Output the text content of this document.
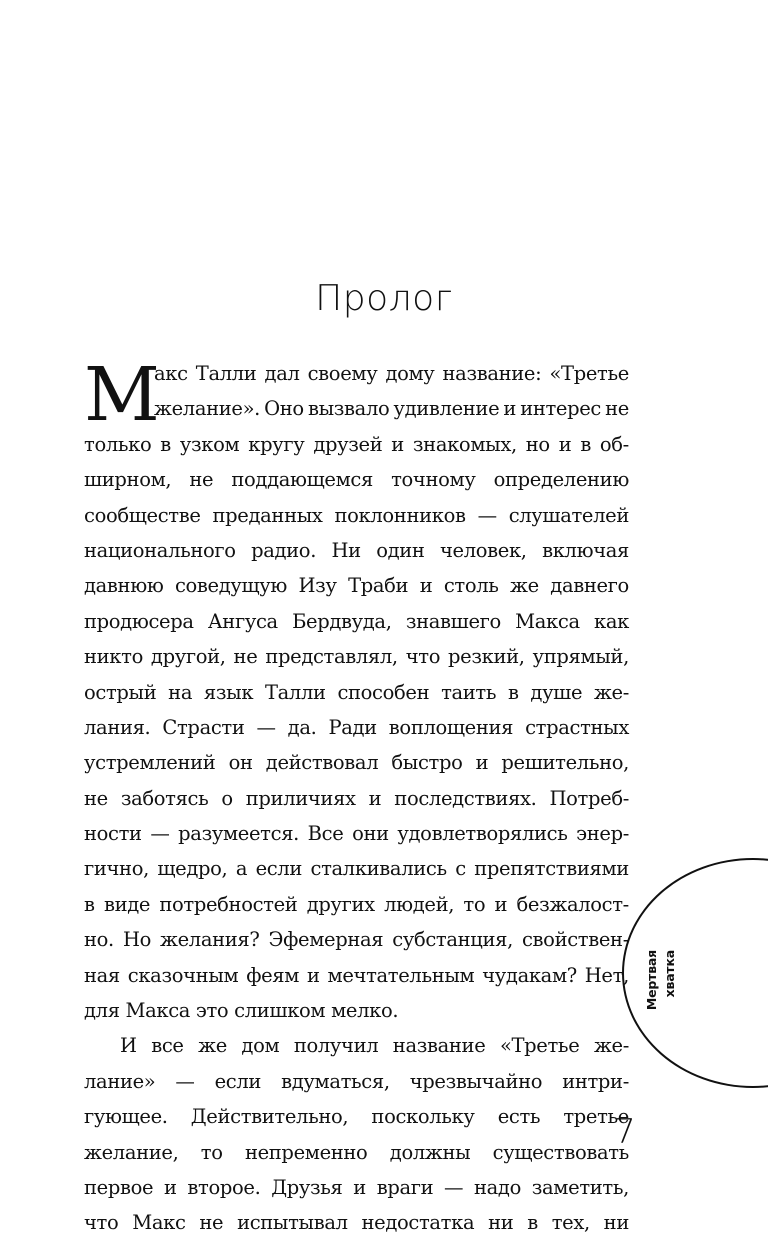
Пролог
М
акс Талли дал своему дому название: «Третье
желание». Оно вызвало удивление и интерес не
только в узком кругу друзей и знакомых, но и в об-
ширном, не поддающемся точному определению
сообществе преданных поклонников — слушателей
национального радио. Ни один человек, включая
давнюю соведущую Изу Траби и столь же давнего
продюсера Ангуса Бердвуда, знавшего Макса как
никто другой, не представлял, что резкий, упрямый,
острый на язык Талли способен таить в душе же-
лания. Страсти — да. Ради воплощения страстных
устремлений он действовал быстро и решительно,
не заботясь о приличиях и последствиях. Потреб-
ности — разумеется. Все они удовлетворялись энер-
гично, щедро, а если сталкивались с препятствиями
в виде потребностей других людей, то и безжалост-
но. Но желания? Эфемерная субстанция, свойствен-
ная сказочным феям и мечтательным чудакам? Нет,
для Макса это слишком мелко.
И все же дом получил название «Третье же-
лание» — если вдуматься, чрезвычайно интри-
гующее. Действительно, поскольку есть третье
желание, то непременно должны существовать
первое и второе. Друзья и враги — надо заметить,
что Макс не испытывал недостатка ни в тех, ни
Мертвая хватка
7
